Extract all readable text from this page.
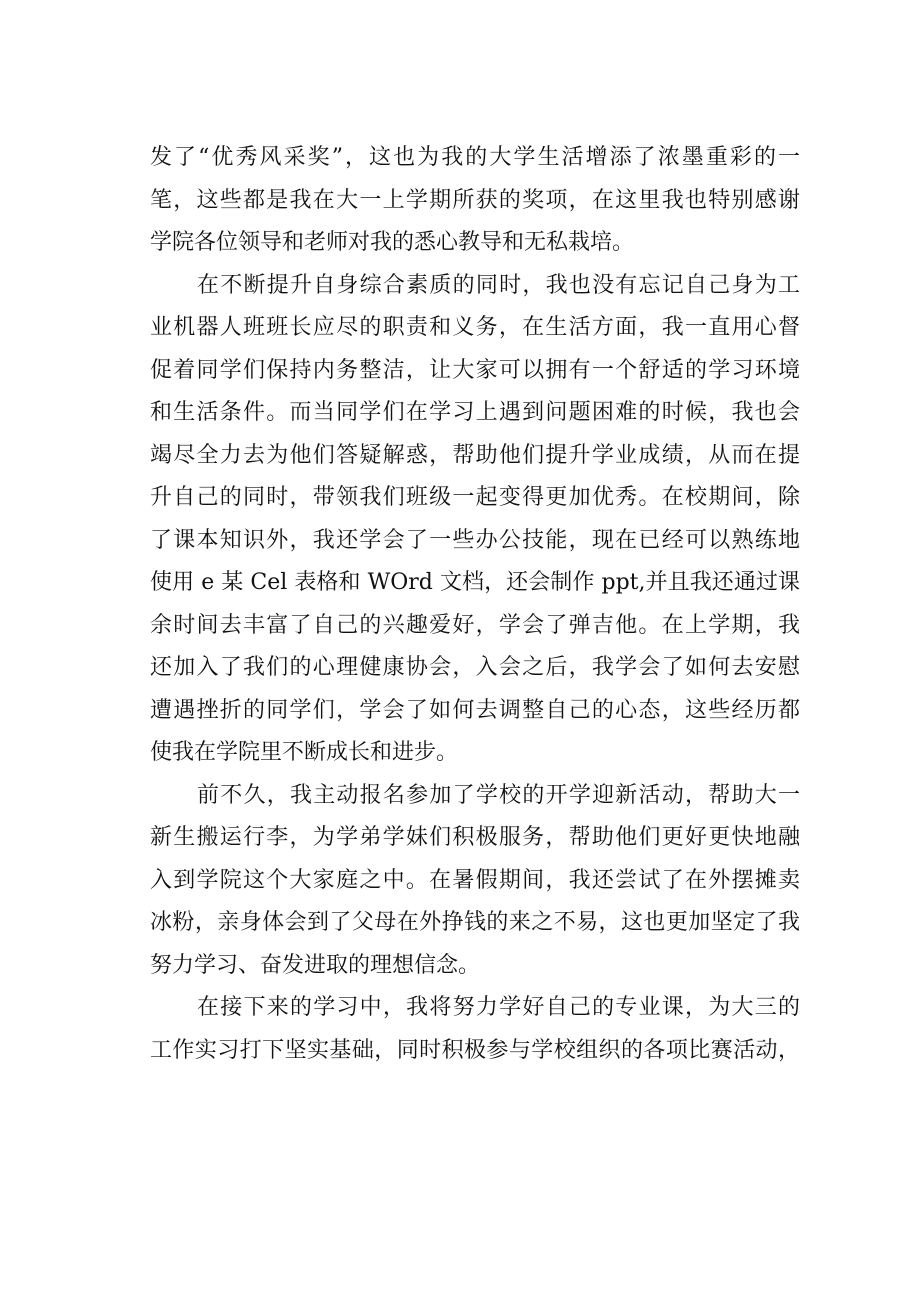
发了“优秀风采奖”，这也为我的大学生活增添了浓墨重彩的一
笔，这些都是我在大一上学期所获的奖项，在这里我也特别感谢
学院各位领导和老师对我的悉心教导和无私栽培。
在不断提升自身综合素质的同时，我也没有忘记自己身为工
业机器人班班长应尽的职责和义务，在生活方面，我一直用心督
促着同学们保持内务整洁，让大家可以拥有一个舒适的学习环境
和生活条件。而当同学们在学习上遇到问题困难的时候，我也会
竭尽全力去为他们答疑解惑，帮助他们提升学业成绩，从而在提
升自己的同时，带领我们班级一起变得更加优秀。在校期间，除
了课本知识外，我还学会了一些办公技能，现在已经可以熟练地
使用 e 某 Cel 表格和 WOrd 文档，还会制作 ppt,并且我还通过课
余时间去丰富了自己的兴趣爱好，学会了弹吉他。在上学期，我
还加入了我们的心理健康协会，入会之后，我学会了如何去安慰
遭遇挫折的同学们，学会了如何去调整自己的心态，这些经历都
使我在学院里不断成长和进步。
前不久，我主动报名参加了学校的开学迎新活动，帮助大一
新生搬运行李，为学弟学妹们积极服务，帮助他们更好更快地融
入到学院这个大家庭之中。在暑假期间，我还尝试了在外摆摊卖
冰粉，亲身体会到了父母在外挣钱的来之不易，这也更加坚定了我
努力学习、奋发进取的理想信念。
在接下来的学习中，我将努力学好自己的专业课，为大三的
工作实习打下坚实基础，同时积极参与学校组织的各项比赛活动，
